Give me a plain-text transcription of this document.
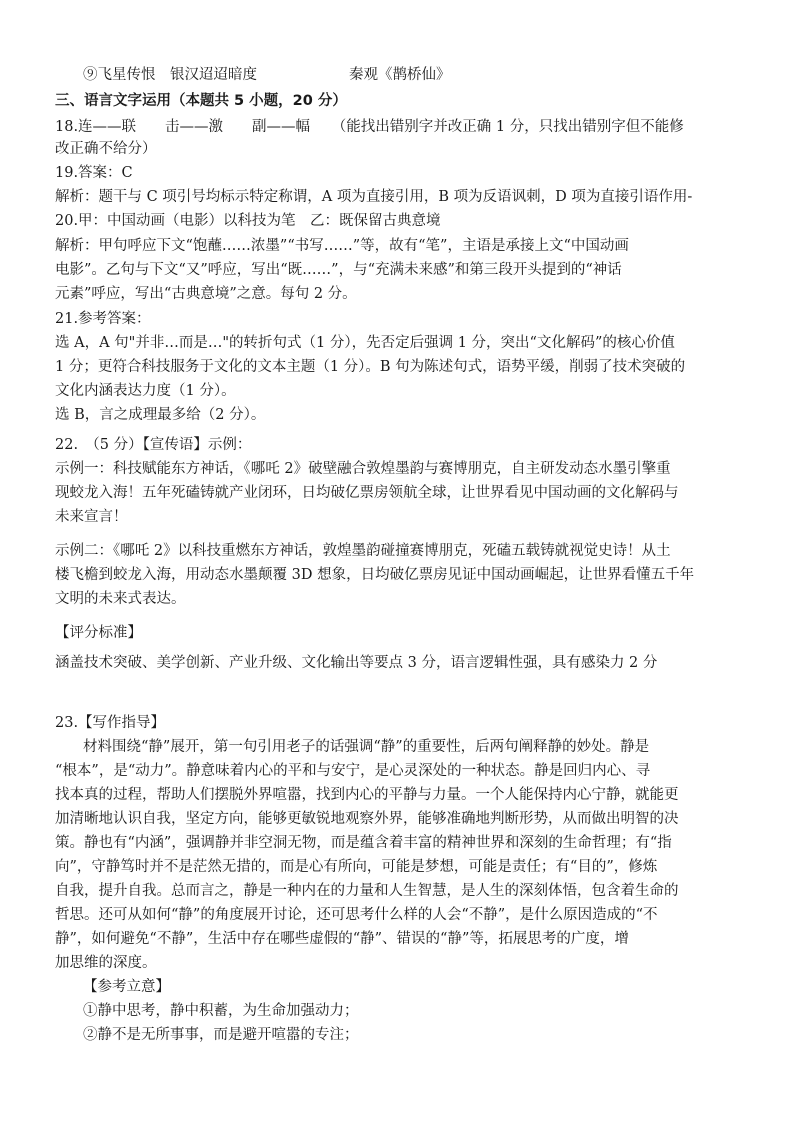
⑨飞星传恨　银汉迢迢暗度	秦观《鹊桥仙》
三、语言文字运用（本题共 5 小题，20 分）
18.连——联　　击——激　　副——幅　　（能找出错别字并改正确 1 分，只找出错别字但不能修
改正确不给分）
19.答案：C
解析：题干与 C 项引号均标示特定称谓，A 项为直接引用，B 项为反语讽刺，D 项为直接引语作用-
20.甲：中国动画（电影）以科技为笔　乙：既保留古典意境
解析：甲句呼应下文“饱蘸……浓墨”“书写……”等，故有“笔”，主语是承接上文“中国动画
电影”。乙句与下文“又”呼应，写出“既……”，与“充满未来感”和第三段开头提到的“神话
元素”呼应，写出“古典意境”之意。每句 2 分。
21.参考答案：
选 A，A 句"并非…而是…"的转折句式（1 分），先否定后强调 1 分，突出“文化解码”的核心价值
1 分；更符合科技服务于文化的文本主题（1 分）。B 句为陈述句式，语势平缓，削弱了技术突破的
文化内涵表达力度（1 分）。
选 B，言之成理最多给（2 分）。
22.　（5 分）【宣传语】示例：
示例一：科技赋能东方神话，《哪吒 2》破壁融合敦煌墨韵与赛博朋克，自主研发动态水墨引擎重
现蛟龙入海！五年死磕铸就产业闭环，日均破亿票房领航全球，让世界看见中国动画的文化解码与
未来宣言！
示例二：《哪吒 2》以科技重燃东方神话，敦煌墨韵碰撞赛博朋克，死磕五载铸就视觉史诗！从土
楼飞檐到蛟龙入海，用动态水墨颠覆 3D 想象，日均破亿票房见证中国动画崛起，让世界看懂五千年
文明的未来式表达。
【评分标准】
涵盖技术突破、美学创新、产业升级、文化输出等要点 3 分，语言逻辑性强，具有感染力 2 分
23.【写作指导】
材料围绕“静”展开，第一句引用老子的话强调“静”的重要性，后两句阐释静的妙处。静是
“根本”，是“动力”。静意味着内心的平和与安宁，是心灵深处的一种状态。静是回归内心、寻
找本真的过程，帮助人们摆脱外界喧嚣，找到内心的平静与力量。一个人能保持内心宁静，就能更
加清晰地认识自我，坚定方向，能够更敏锐地观察外界，能够准确地判断形势，从而做出明智的决
策。静也有“内涵”，强调静并非空洞无物，而是蕴含着丰富的精神世界和深刻的生命哲理；有“指
向”，守静笃时并不是茫然无措的，而是心有所向，可能是梦想，可能是责任；有“目的”，修炼
自我，提升自我。总而言之，静是一种内在的力量和人生智慧，是人生的深刻体悟，包含着生命的
哲思。还可从如何“静”的角度展开讨论，还可思考什么样的人会“不静”，是什么原因造成的“不
静”，如何避免“不静”，生活中存在哪些虚假的“静”、错误的“静”等，拓展思考的广度，增
加思维的深度。
【参考立意】
①静中思考，静中积蓄，为生命加强动力；
②静不是无所事事，而是避开喧嚣的专注；
